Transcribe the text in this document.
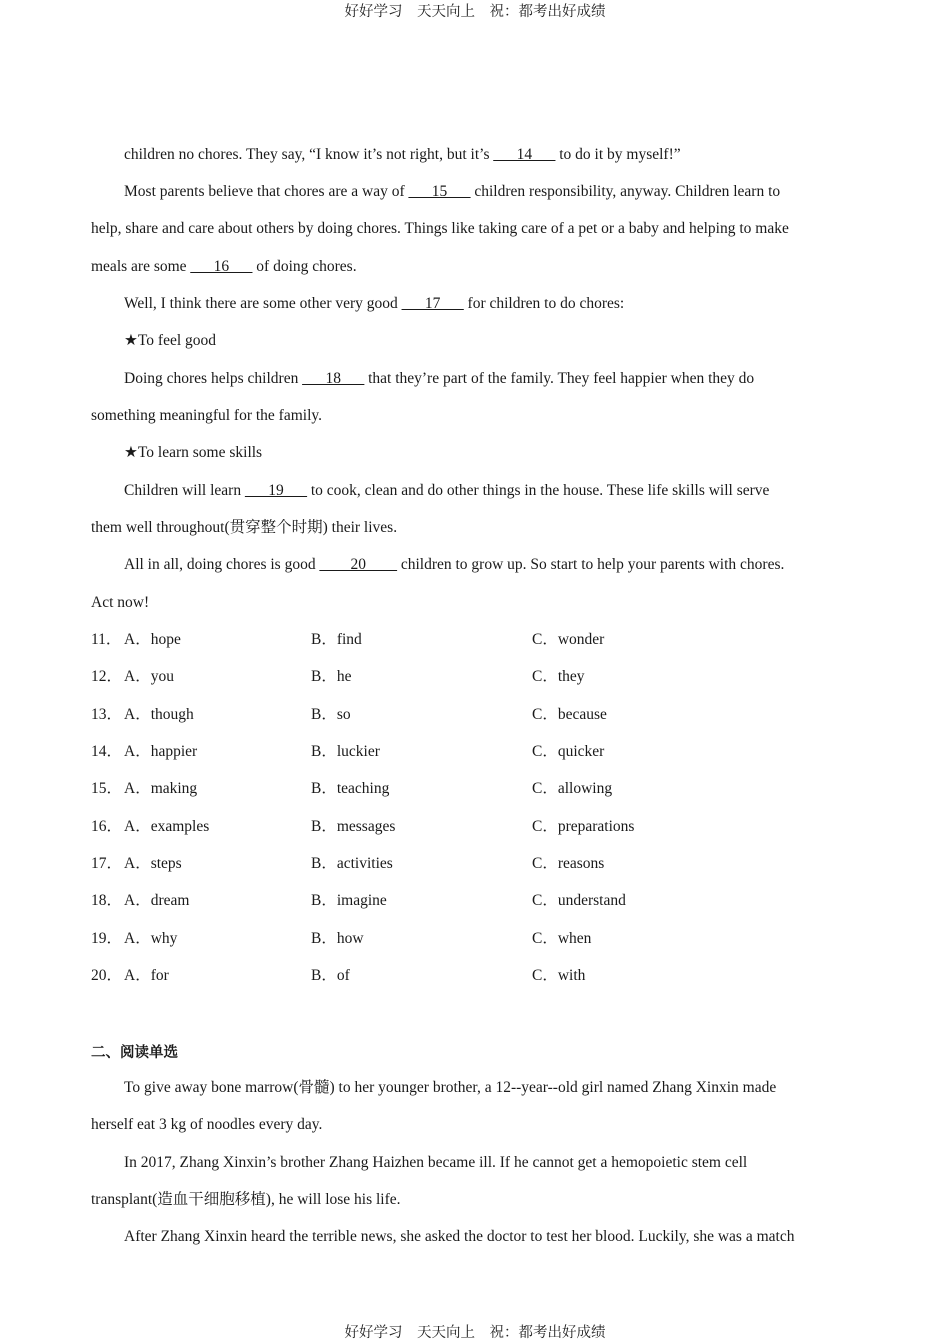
好好学习　天天向上　祝：都考出好成绩
children no chores. They say, “I know it’s not right, but it’s ___14___ to do it by myself!”
Most parents believe that chores are a way of ___15___ children responsibility, anyway. Children learn to
help, share and care about others by doing chores. Things like taking care of a pet or a baby and helping to make
meals are some ___16___ of doing chores.
Well, I think there are some other very good ___17___ for children to do chores:
★To feel good
Doing chores helps children ___18___ that they’re part of the family. They feel happier when they do
something meaningful for the family.
★To learn some skills
Children will learn ___19___ to cook, clean and do other things in the house. These life skills will serve
them well throughout(贯穿整个时期) their lives.
All in all, doing chores is good ____20____ children to grow up. So start to help your parents with chores.
Act now!
11． A．hope	B．find	C．wonder
12． A．you	B．he	C．they
13． A．though	B．so	C．because
14． A．happier	B．luckier	C．quicker
15． A．making	B．teaching	C．allowing
16． A．examples	B．messages	C．preparations
17． A．steps	B．activities	C．reasons
18． A．dream	B．imagine	C．understand
19． A．why	B．how	C．when
20． A．for	B．of	C．with
二、阅读单选
To give away bone marrow(骨髓) to her younger brother, a 12--year--old girl named Zhang Xinxin made
herself eat 3 kg of noodles every day.
In 2017, Zhang Xinxin’s brother Zhang Haizhen became ill. If he cannot get a hemopoietic stem cell
transplant(造血干细胞移植), he will lose his life.
After Zhang Xinxin heard the terrible news, she asked the doctor to test her blood. Luckily, she was a match
好好学习　天天向上　祝：都考出好成绩
